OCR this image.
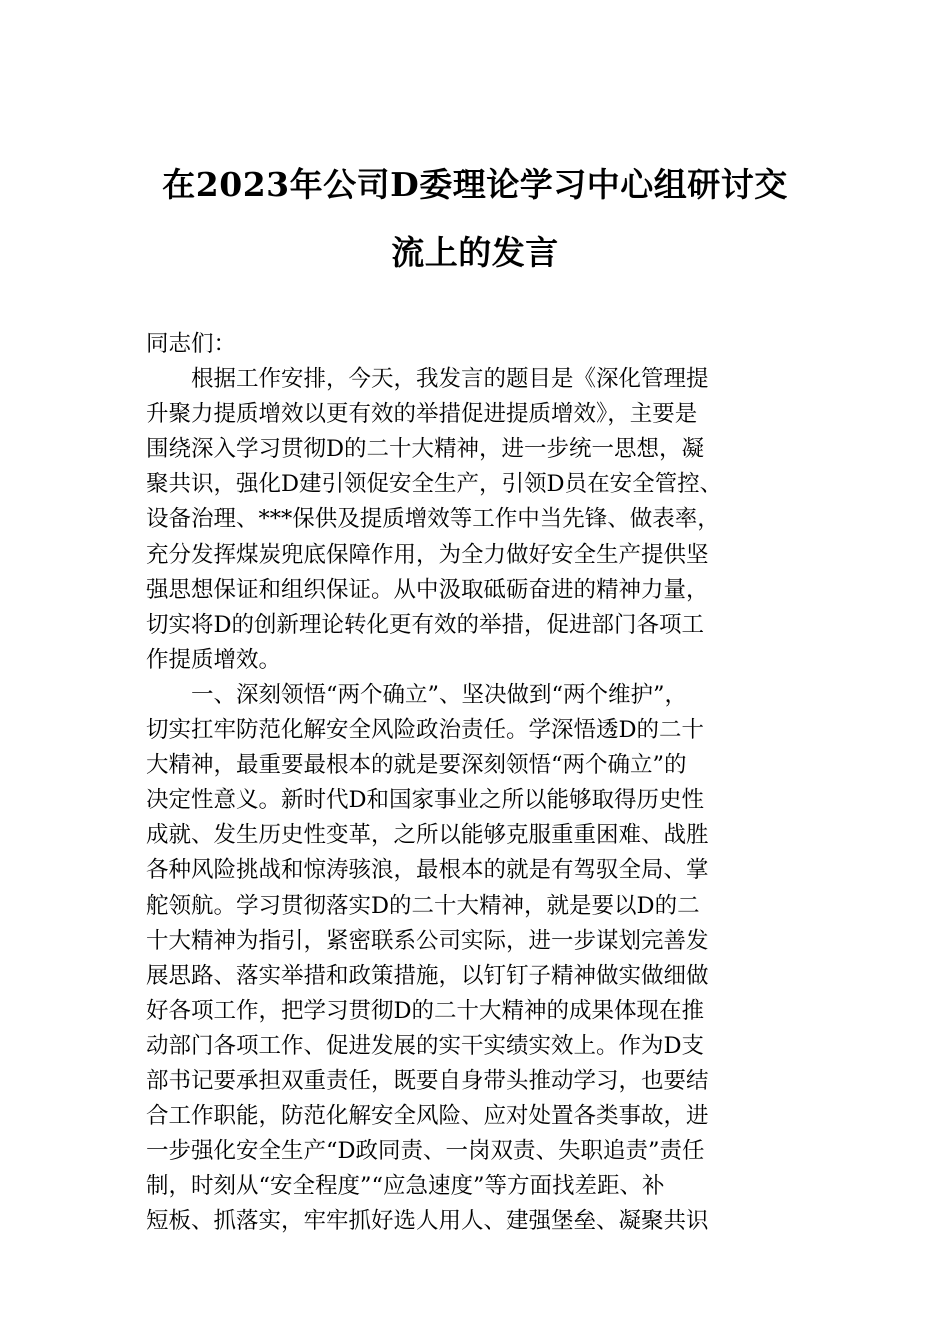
在2023年公司D委理论学习中心组研讨交
流上的发言
同志们：
　　根据工作安排，今天，我发言的题目是《深化管理提
升聚力提质增效以更有效的举措促进提质增效》，主要是
围绕深入学习贯彻D的二十大精神，进一步统一思想，凝
聚共识，强化D建引领促安全生产，引领D员在安全管控、
设备治理、***保供及提质增效等工作中当先锋、做表率，
充分发挥煤炭兜底保障作用，为全力做好安全生产提供坚
强思想保证和组织保证。从中汲取砥砺奋进的精神力量，
切实将D的创新理论转化更有效的举措，促进部门各项工
作提质增效。
　　一、深刻领悟“两个确立”、坚决做到“两个维护”，
切实扛牢防范化解安全风险政治责任。学深悟透D的二十
大精神，最重要最根本的就是要深刻领悟“两个确立”的
决定性意义。新时代D和国家事业之所以能够取得历史性
成就、发生历史性变革，之所以能够克服重重困难、战胜
各种风险挑战和惊涛骇浪，最根本的就是有驾驭全局、掌
舵领航。学习贯彻落实D的二十大精神，就是要以D的二
十大精神为指引，紧密联系公司实际，进一步谋划完善发
展思路、落实举措和政策措施，以钉钉子精神做实做细做
好各项工作，把学习贯彻D的二十大精神的成果体现在推
动部门各项工作、促进发展的实干实绩实效上。作为D支
部书记要承担双重责任，既要自身带头推动学习，也要结
合工作职能，防范化解安全风险、应对处置各类事故，进
一步强化安全生产“D政同责、一岗双责、失职追责”责任
制，时刻从“安全程度”“应急速度”等方面找差距、补
短板、抓落实，牢牢抓好选人用人、建强堡垒、凝聚共识
